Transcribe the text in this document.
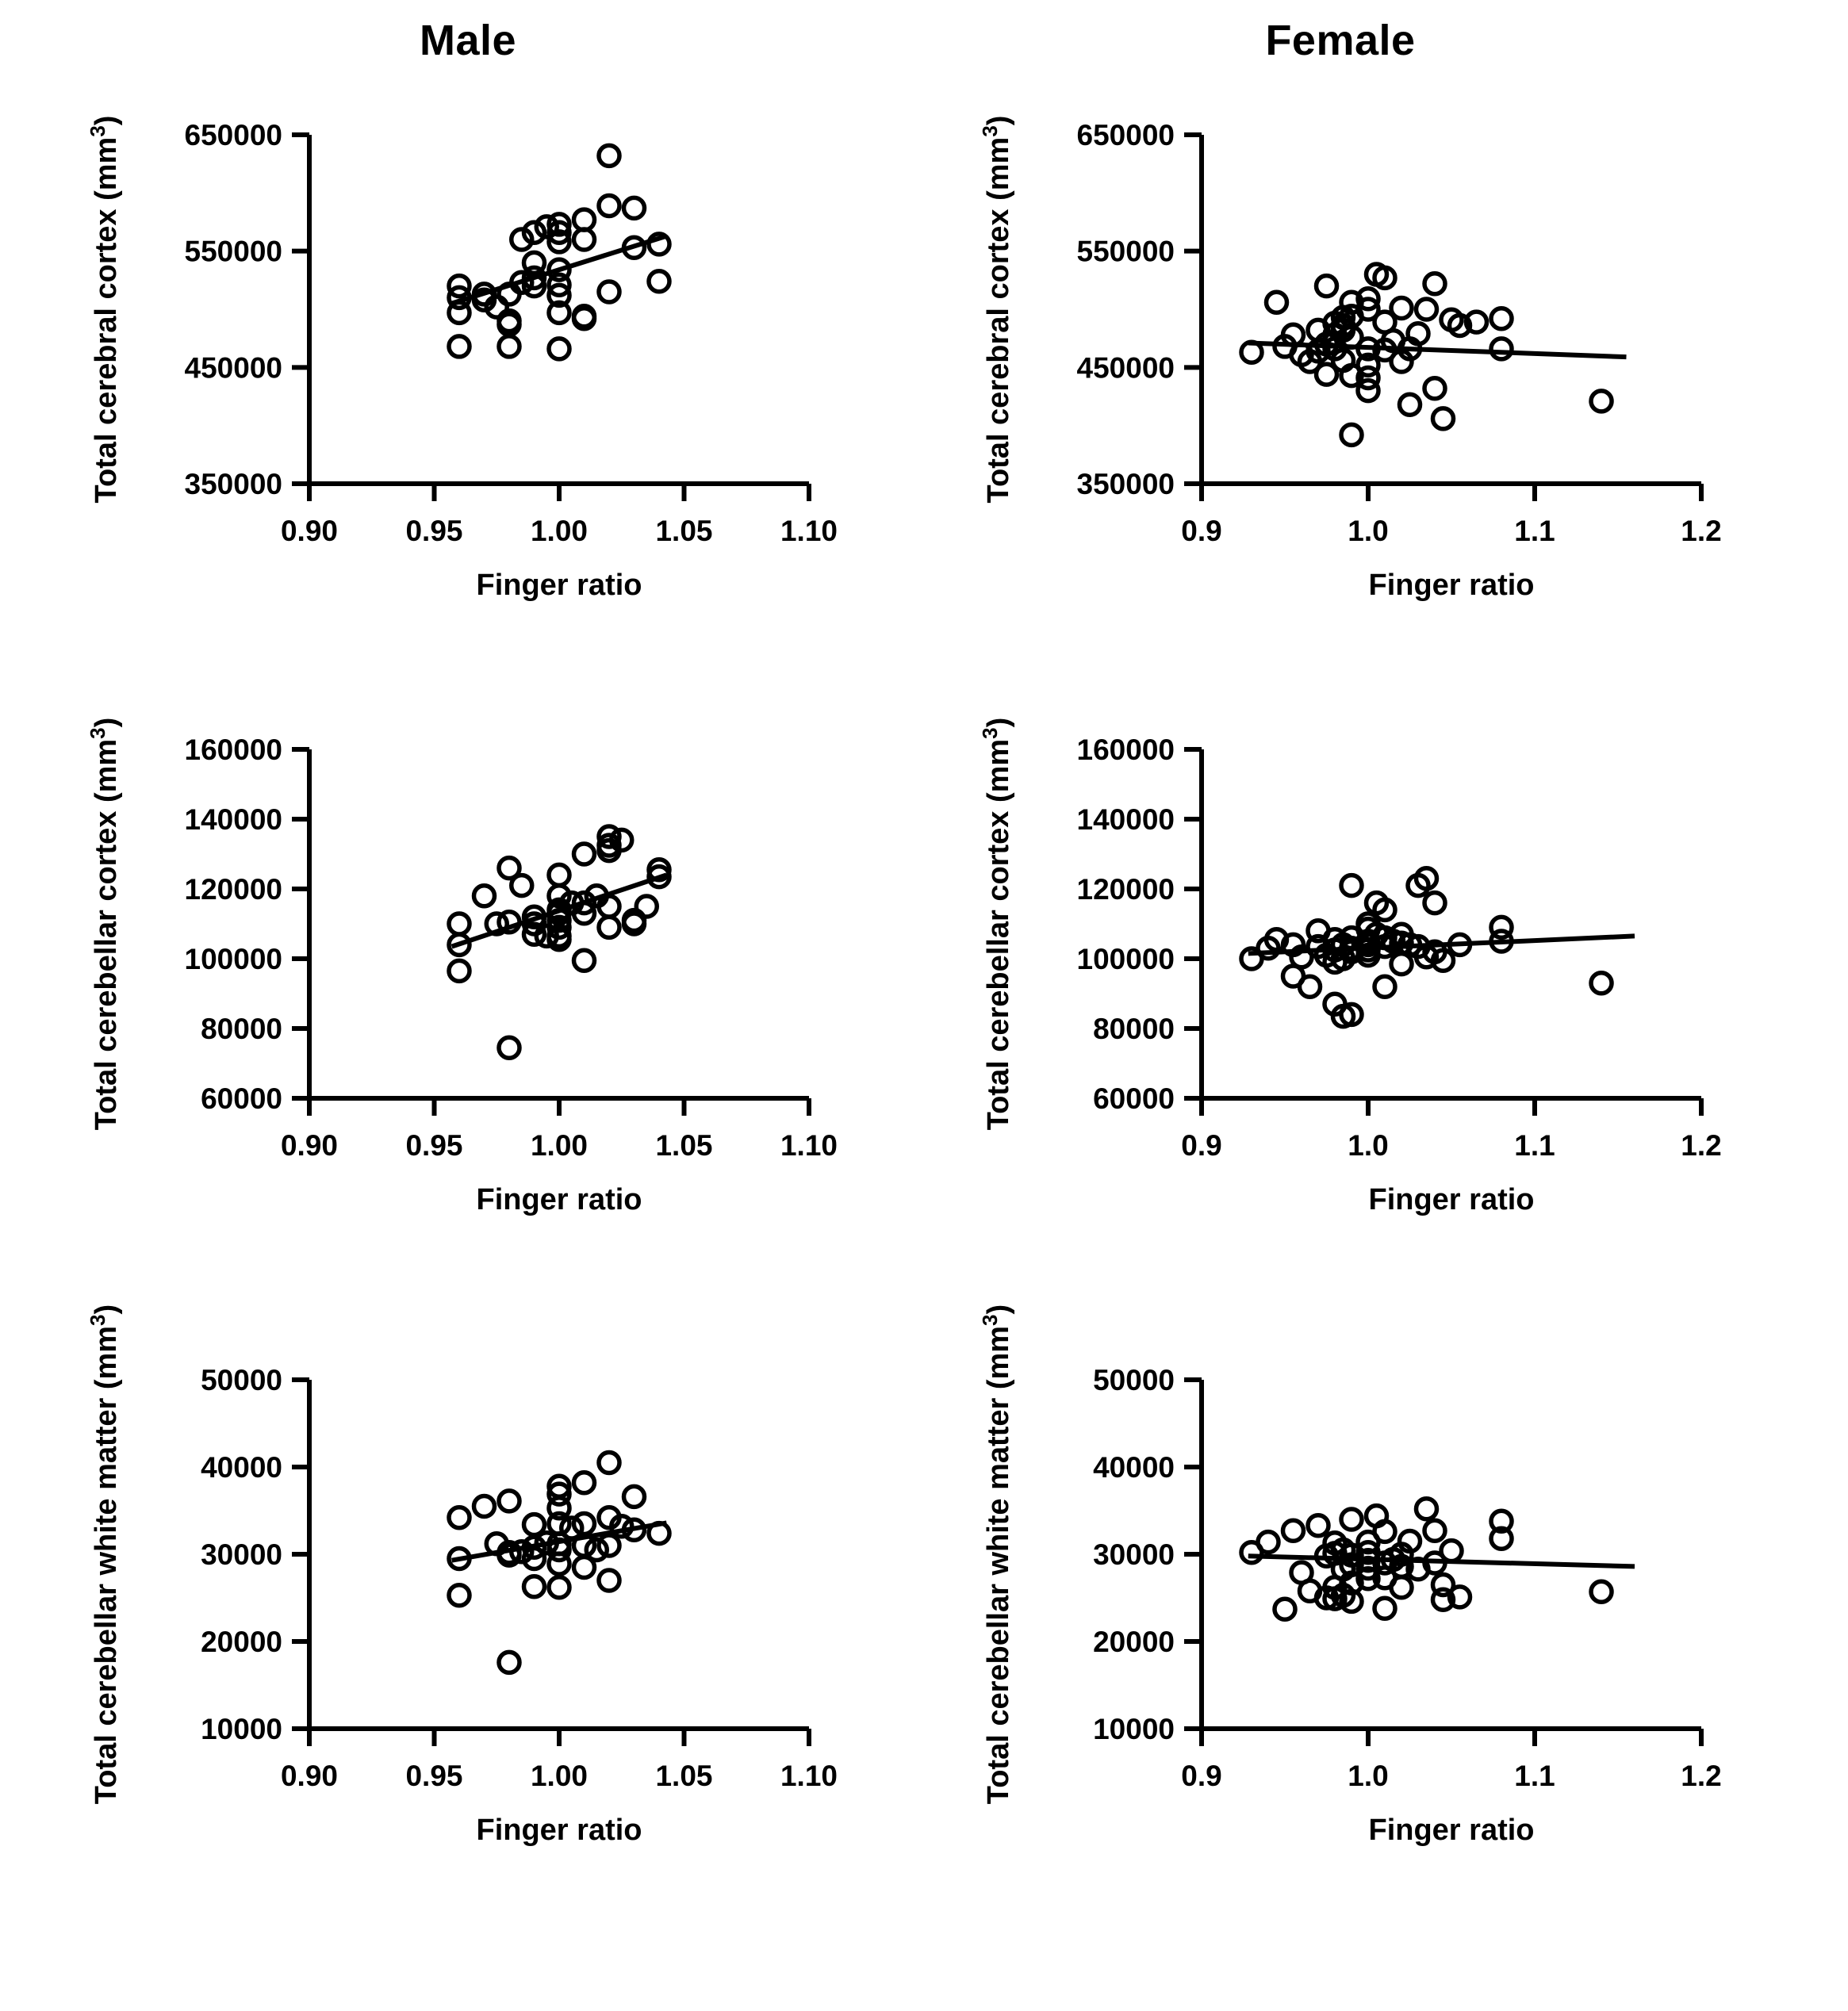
Male	Female
350000
450000
550000
650000
0.90 0.95 1.00 1.05 1.10
Finger ratio
Total cerebral cortex $(mm^3)$
350000
450000
550000
650000
0.9	1.0	1.1	1.2
Finger ratio
Total cerebral cortex $(mm^3)$
60000
80000
100000
120000
140000
160000
0.90 0.95 1.00 1.05 1.10
Finger ratio
Total cerebellar cortex $(mm^3)$
60000
80000
100000
120000
140000
160000
0.9	1.0	1.1	1.2
Finger ratio
Total cerebellar cortex $(mm^3)$
10000
20000
30000
40000
50000
0.90 0.95 1.00 1.05 1.10
Finger ratio
Total cerebellar white matter $(mm^3)$
10000
20000
30000
40000
50000
0.9	1.0	1.1	1.2
Finger ratio
Total cerebellar white matter $(mm^3)$
